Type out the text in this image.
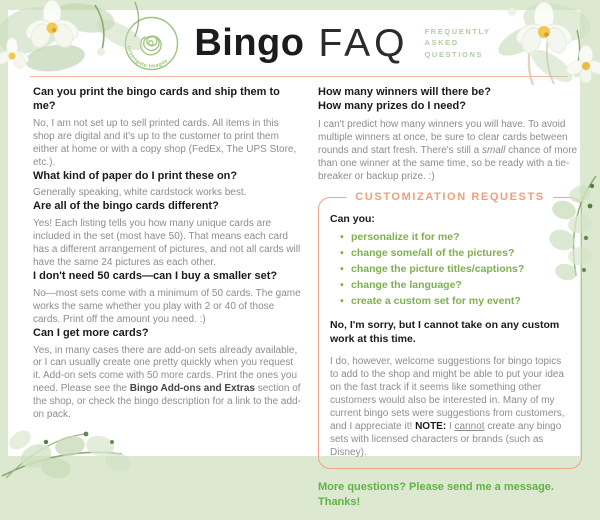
Greengate Images Bingo FAQ FREQUENTLY
ASKED
QUESTIONS

Can you print the bingo cards and ship them to me?

No, I am not set up to sell printed cards. All items in this shop are digital and it's up to the customer to print them either at home or with a copy shop (FedEx, The UPS Store, etc.).

What kind of paper do I print these on?

Generally speaking, white cardstock works best.

Are all of the bingo cards different?

Yes! Each listing tells you how many unique cards are included in the set (most have 50). That means each card has a different arrangement of pictures, and not all cards will have the same 24 pictures as each other.

I don't need 50 cards—can I buy a smaller set?

No—most sets come with a minimum of 50 cards. The game works the same whether you play with 2 or 40 of those cards. Print off the amount you need. :)

Can I get more cards?

Yes, in many cases there are add-on sets already available, or I can usually create one pretty quickly when you request it. Add-on sets come with 50 more cards. Print the ones you need. Please see the Bingo Add-ons and Extras section of the shop, or check the bingo description for a link to the add-on pack.

How many winners will there be?
How many prizes do I need?

I can't predict how many winners you will have. To avoid multiple winners at once, be sure to clear cards between rounds and start fresh. There's still a small chance of more than one winner at the same time, so be ready with a tie-breaker or backup prize. :)

CUSTOMIZATION REQUESTS

Can you:

• personalize it for me?
• change some/all of the pictures?
• change the picture titles/captions?
• change the language?
• create a custom set for my event?

No, I'm sorry, but I cannot take on any custom work at this time.

I do, however, welcome suggestions for bingo topics to add to the shop and might be able to put your idea on the fast track if it seems like something other customers would also be interested in. Many of my current bingo sets were suggestions from customers, and I appreciate it! NOTE: I cannot create any bingo sets with licensed characters or brands (such as Disney).

More questions? Please send me a message. Thanks!
